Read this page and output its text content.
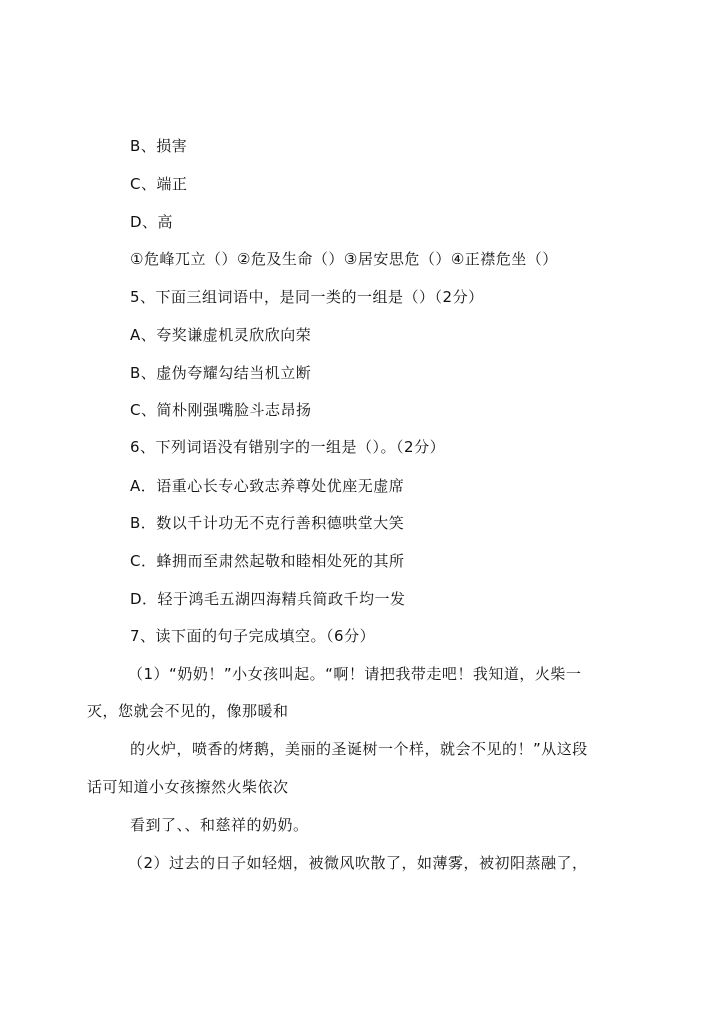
B、损害
C、端正
D、高
①危峰兀立（）②危及生命（）③居安思危（）④正襟危坐（）
5、下面三组词语中，是同一类的一组是（）（2分）
A、夸奖谦虚机灵欣欣向荣
B、虚伪夸耀勾结当机立断
C、简朴刚强嘴脸斗志昂扬
6、下列词语没有错别字的一组是（）。（2分）
A．语重心长专心致志养尊处优座无虚席
B．数以千计功无不克行善积德哄堂大笑
C．蜂拥而至肃然起敬和睦相处死的其所
D．轻于鸿毛五湖四海精兵简政千均一发
7、读下面的句子完成填空。（6分）
（1）“奶奶！”小女孩叫起。“啊！请把我带走吧！我知道，火柴一
灭，您就会不见的，像那暖和
的火炉，喷香的烤鹅，美丽的圣诞树一个样，就会不见的！”从这段
话可知道小女孩擦然火柴依次
看到了、、和慈祥的奶奶。
（2）过去的日子如轻烟，被微风吹散了，如薄雾，被初阳蒸融了，
